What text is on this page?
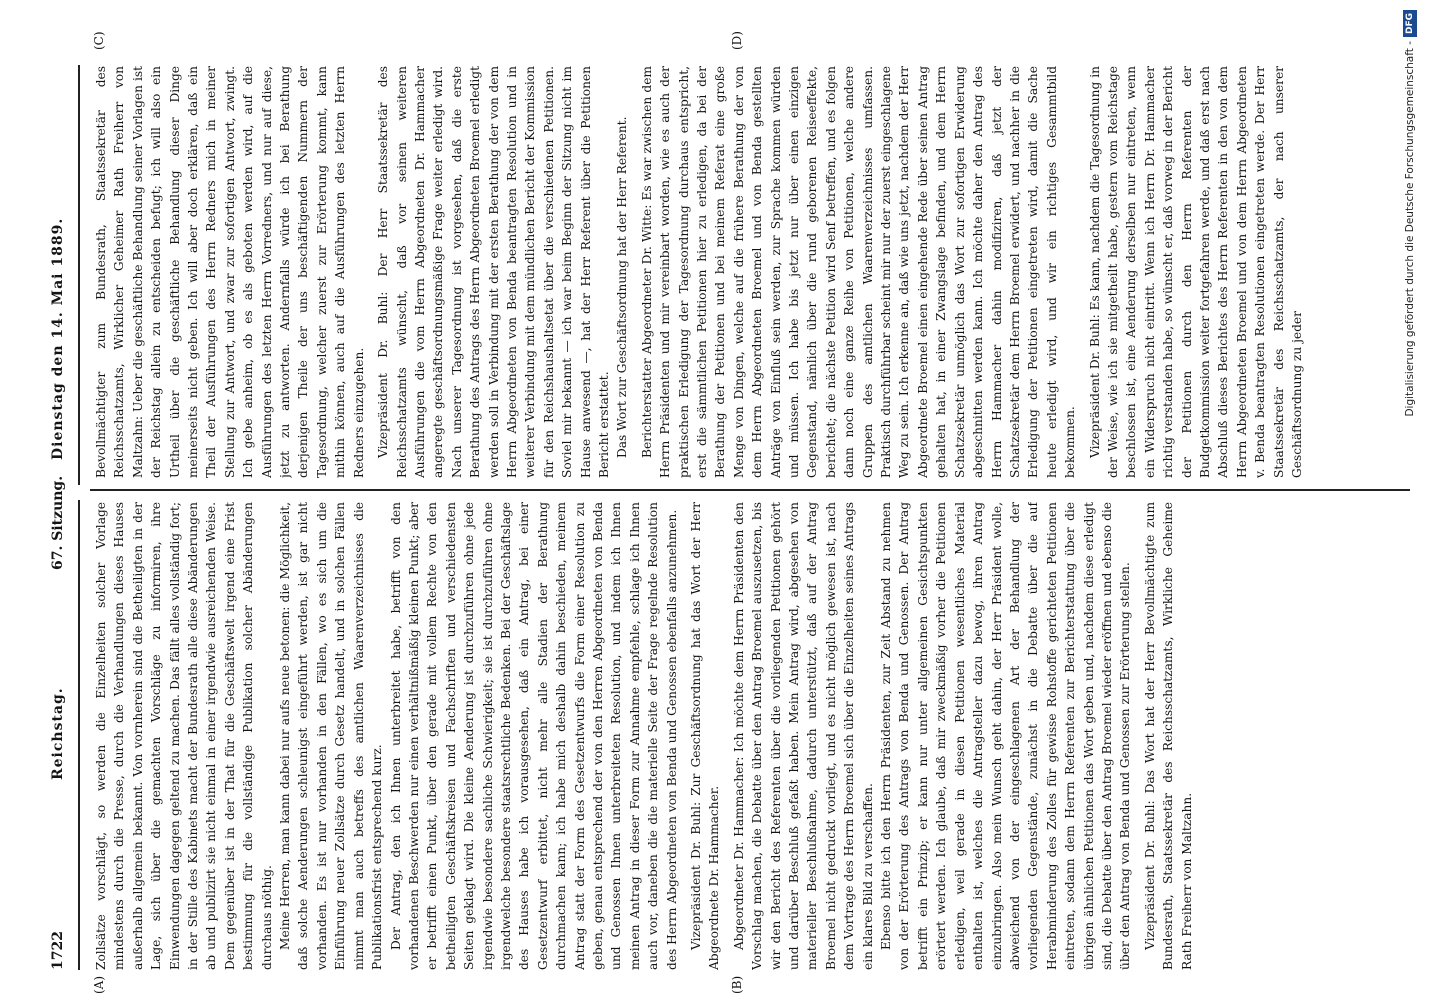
1722
Reichstag.
67. Sitzung.
Dienstag den 14. Mai 1889.
(A)	(B)
(C)	(D)

Zollsätze vorschlägt, so werden die Einzelheiten solcher Vorlage mindestens durch die Presse, durch die Verhandlungen dieses Hauses außerhalb allgemein bekannt. Von vornherein sind die Betheiligten in der Lage, sich über die gemachten Vorschläge zu informiren, ihre Einwendungen dagegen geltend zu machen. Das fällt alles vollständig fort; in der Stille des Kabinets macht der Bundesrath alle diese Abänderungen ab und publizirt sie nicht einmal in einer irgendwie ausreichenden Weise. Dem gegenüber ist in der That für die Geschäftswelt irgend eine Frist bestimmung für die vollständige Publikation solcher Abänderungen durchaus nöthig. Meine Herren, man kann dabei nur aufs neue betonen: die Möglichkeit, daß solche Aenderungen schleunigst eingeführt werden, ist gar nicht vorhanden. Es ist nur vorhanden in den Fällen, wo es sich um die Einführung neuer Zollsätze durch Gesetz handelt, und in solchen Fällen nimmt man auch betreffs des amtlichen Waarenverzeichnisses die Publikationsfrist entsprechend kurz. Der Antrag, den ich Ihnen unterbreitet habe, betrifft von den vorhandenen Beschwerden nur einen verhältnißmäßig kleinen Punkt; aber er betrifft einen Punkt, über den gerade mit vollem Rechte von den betheiligten Geschäftskreisen und Fachschriften und verschiedensten Seiten geklagt wird. Die kleine Aenderung ist durchzuführen ohne jede irgendwie besondere sachliche Schwierigkeit; sie ist durchzuführen ohne irgendwelche besondere staatsrechtliche Bedenken. Bei der Geschäftslage des Hauses habe ich vorausgesehen, daß ein Antrag, bei einer Gesetzentwurf erbittet, nicht mehr alle Stadien der Berathung durchmachen kann; ich habe mich deshalb dahin beschieden, meinem Antrag statt der Form des Gesetzentwurfs die Form einer Resolution zu geben, genau entsprechend der von den Herren Abgeordneten von Benda und Genossen Ihnen unterbreiteten Resolution, und indem ich Ihnen meinen Antrag in dieser Form zur Annahme empfehle, schlage ich Ihnen auch vor, daneben die die materielle Seite der Frage regelnde Resolution des Herrn Abgeordneten von Benda und Genossen ebenfalls anzunehmen. Vizepräsident Dr. Buhl: Zur Geschäftsordnung hat das Wort der Herr Abgeordnete Dr. Hammacher. Abgeordneter Dr. Hammacher: Ich möchte dem Herrn Präsidenten den Vorschlag machen, die Debatte über den Antrag Broemel auszusetzen, bis wir den Bericht des Referenten über die vorliegenden Petitionen gehört und darüber Beschluß gefaßt haben. Mein Antrag wird, abgesehen von materieller Beschlußnahme, dadurch unterstützt, daß auf der Antrag Broemel nicht gedruckt vorliegt, und es nicht möglich gewesen ist, nach dem Vortrage des Herrn Broemel sich über die Einzelheiten seines Antrags ein klares Bild zu verschaffen. Ebenso bitte ich den Herrn Präsidenten, zur Zeit Abstand zu nehmen von der Erörterung des Antrags von Benda und Genossen. Der Antrag betrifft ein Prinzip; er kann nur unter allgemeinen Gesichtspunkten erörtert werden. Ich glaube, daß mir zweckmäßig vorher die Petitionen erledigen, weil gerade in diesen Petitionen wesentliches Material enthalten ist, welches die Antragsteller dazu bewog, ihren Antrag einzubringen. Also mein Wunsch geht dahin, der Herr Präsident wolle, abweichend von der eingeschlagenen Art der Behandlung der vorliegenden Gegenstände, zunächst in die Debatte über die auf Herabminderung des Zolles für gewisse Rohstoffe gerichteten Petitionen eintreten, sodann dem Herrn Referenten zur Berichterstattung über die übrigen ähnlichen Petitionen das Wort geben und, nachdem diese erledigt sind, die Debatte über den Antrag Broemel wieder eröffnen und ebenso die über den Antrag von Benda und Genossen zur Erörterung stellen. Vizepräsident Dr. Buhl: Das Wort hat der Herr Bevollmächtigte zum Bundesrath, Staatssekretär des Reichsschatzamts, Wirkliche Geheime Rath Freiherr von Maltzahn.

Bevollmächtigter zum Bundesrath, Staatssekretär des Reichsschatzamts, Wirklicher Geheimer Rath Freiherr von Maltzahn: Ueber die geschäftliche Behandlung seiner Vorlagen ist der Reichstag allein zu entscheiden befugt; ich will also ein Urtheil über die geschäftliche Behandlung dieser Dinge meinerseits nicht geben. Ich will aber doch erklären, daß ein Theil der Ausführungen des Herrn Redners mich in meiner Stellung zur Antwort, und zwar zur sofortigen Antwort, zwingt. Ich gebe anheim, ob es als geboten werden wird, auf die Ausführungen des letzten Herrn Vorredners, und nur auf diese, jetzt zu antworten. Andernfalls würde ich bei Berathung derjenigen Theile der uns beschäftigenden Nummern der Tagesordnung, welcher zuerst zur Erörterung kommt, kann mithin können, auch auf die Ausführungen des letzten Herrn Redners einzugehen. Vizepräsident Dr. Buhl: Der Herr Staatssekretär des Reichsschatzamts wünscht, daß vor seinen weiteren Ausführungen die vom Herrn Abgeordneten Dr. Hammacher angeregte geschäftsordnungsmäßige Frage weiter erledigt wird. Nach unserer Tagesordnung ist vorgesehen, daß die erste Berathung des Antrags des Herrn Abgeordneten Broemel erledigt werden soll in Verbindung mit der ersten Berathung der von dem Herrn Abgeordneten von Benda beantragten Resolution und in weiterer Verbindung mit dem mündlichen Bericht der Kommission für den Reichshaushaltsetat über die verschiedenen Petitionen. Soviel mir bekannt — ich war beim Beginn der Sitzung nicht im Hause anwesend —, hat der Herr Referent über die Petitionen Bericht erstattet. Das Wort zur Geschäftsordnung hat der Herr Referent. Berichterstatter Abgeordneter Dr. Witte: Es war zwischen dem Herrn Präsidenten und mir vereinbart worden, wie es auch der praktischen Erledigung der Tagesordnung durchaus entspricht, erst die sämmtlichen Petitionen hier zu erledigen, da bei der Berathung der Petitionen und bei meinem Referat eine große Menge von Dingen, welche auf die frühere Berathung der von dem Herrn Abgeordneten Broemel und von Benda gestellten Anträge von Einfluß sein werden, zur Sprache kommen würden und müssen. Ich habe bis jetzt nur über einen einzigen Gegenstand, nämlich über die rund geborenen Reiseeffekte, berichtet; die nächste Petition wird Senf betreffen, und es folgen dann noch eine ganze Reihe von Petitionen, welche andere Gruppen des amtlichen Waarenverzeichnisses umfassen. Praktisch durchführbar scheint mir nur der zuerst eingeschlagene Weg zu sein. Ich erkenne an, daß wie uns jetzt, nachdem der Herr Abgeordnete Broemel einen eingehende Rede über seinen Antrag gehalten hat, in einer Zwangslage befinden, und dem Herrn Schatzsekretär unmöglich das Wort zur sofortigen Erwiderung abgeschnitten werden kann. Ich möchte daher den Antrag des Herrn Hammacher dahin modifiziren, daß jetzt der Schatzsekretär dem Herrn Broemel erwidert, und nachher in die Erledigung der Petitionen eingetreten wird, damit die Sache heute erledigt wird, und wir ein richtiges Gesammtbild bekommen. Vizepräsident Dr. Buhl: Es kann, nachdem die Tagesordnung in der Weise, wie ich sie mitgetheilt habe, gestern vom Reichstage beschlossen ist, eine Aenderung derselben nur eintreten, wenn ein Widerspruch nicht eintritt. Wenn ich Herrn Dr. Hammacher richtig verstanden habe, so wünscht er, daß vorweg in der Bericht der Petitionen durch den Herrn Referenten der Budgetkommission weiter fortgefahren werde, und daß erst nach Abschluß dieses Berichtes des Herrn Referenten in den von dem Herrn Abgeordneten Broemel und von dem Herrn Abgeordneten v. Benda beantragten Resolutionen eingetreten werde. Der Herr Staatssekretär des Reichsschatzamts, der nach unserer Geschäftsordnung zu jeder	Digitalisierung gefördert durch die Deutsche Forschungsgemeinschaft -DFG
